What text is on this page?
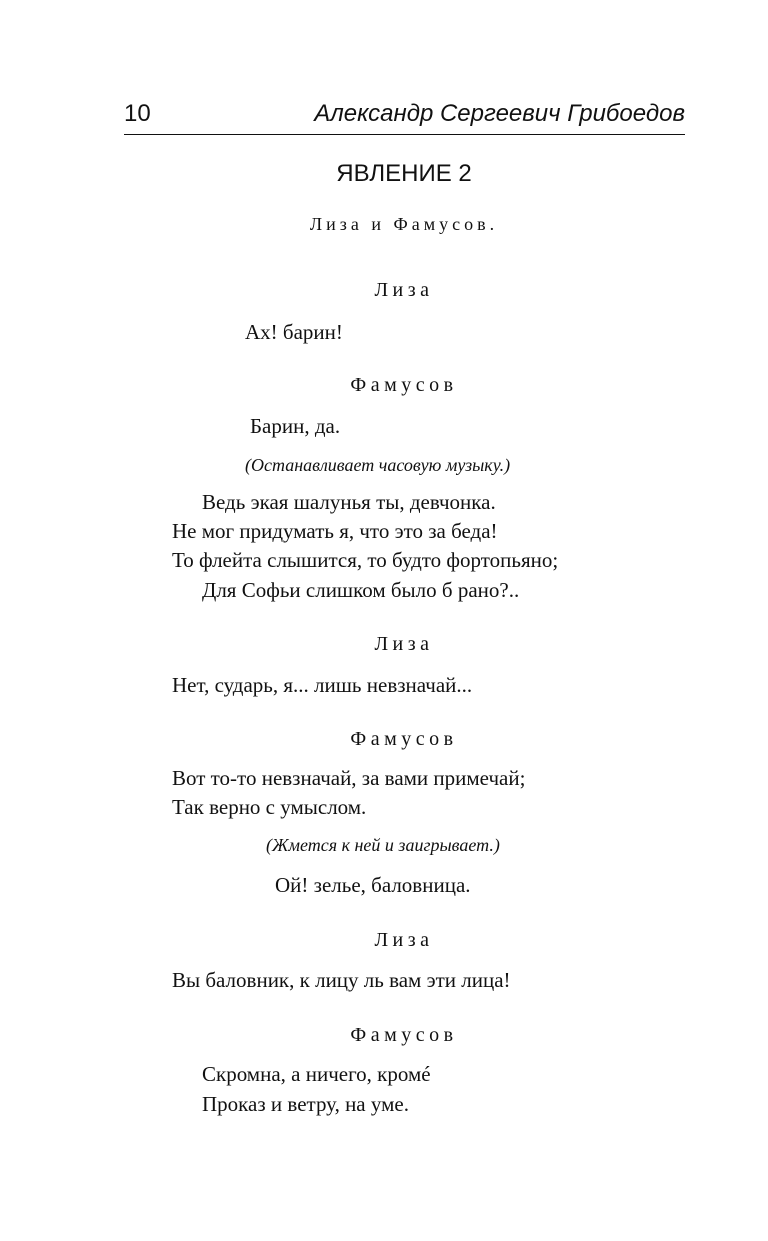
10	Александр Сергеевич Грибоедов
ЯВЛЕНИЕ 2
Лиза и Фамусов.
Лиза
Ах! барин!
Фамусов
Барин, да.
(Останавливает часовую музыку.)
Ведь экая шалунья ты, девчонка.
Не мог придумать я, что это за беда!
То флейта слышится, то будто фортопьяно;
Для Софьи слишком было б рано?..
Лиза
Нет, сударь, я... лишь невзначай...
Фамусов
Вот то-то невзначай, за вами примечай;
Так верно с умыслом.
(Жмется к ней и заигрывает.)
Ой! зелье, баловница.
Лиза
Вы баловник, к лицу ль вам эти лица!
Фамусов
Скромна, а ничего, кромé
Проказ и ветру, на уме.
